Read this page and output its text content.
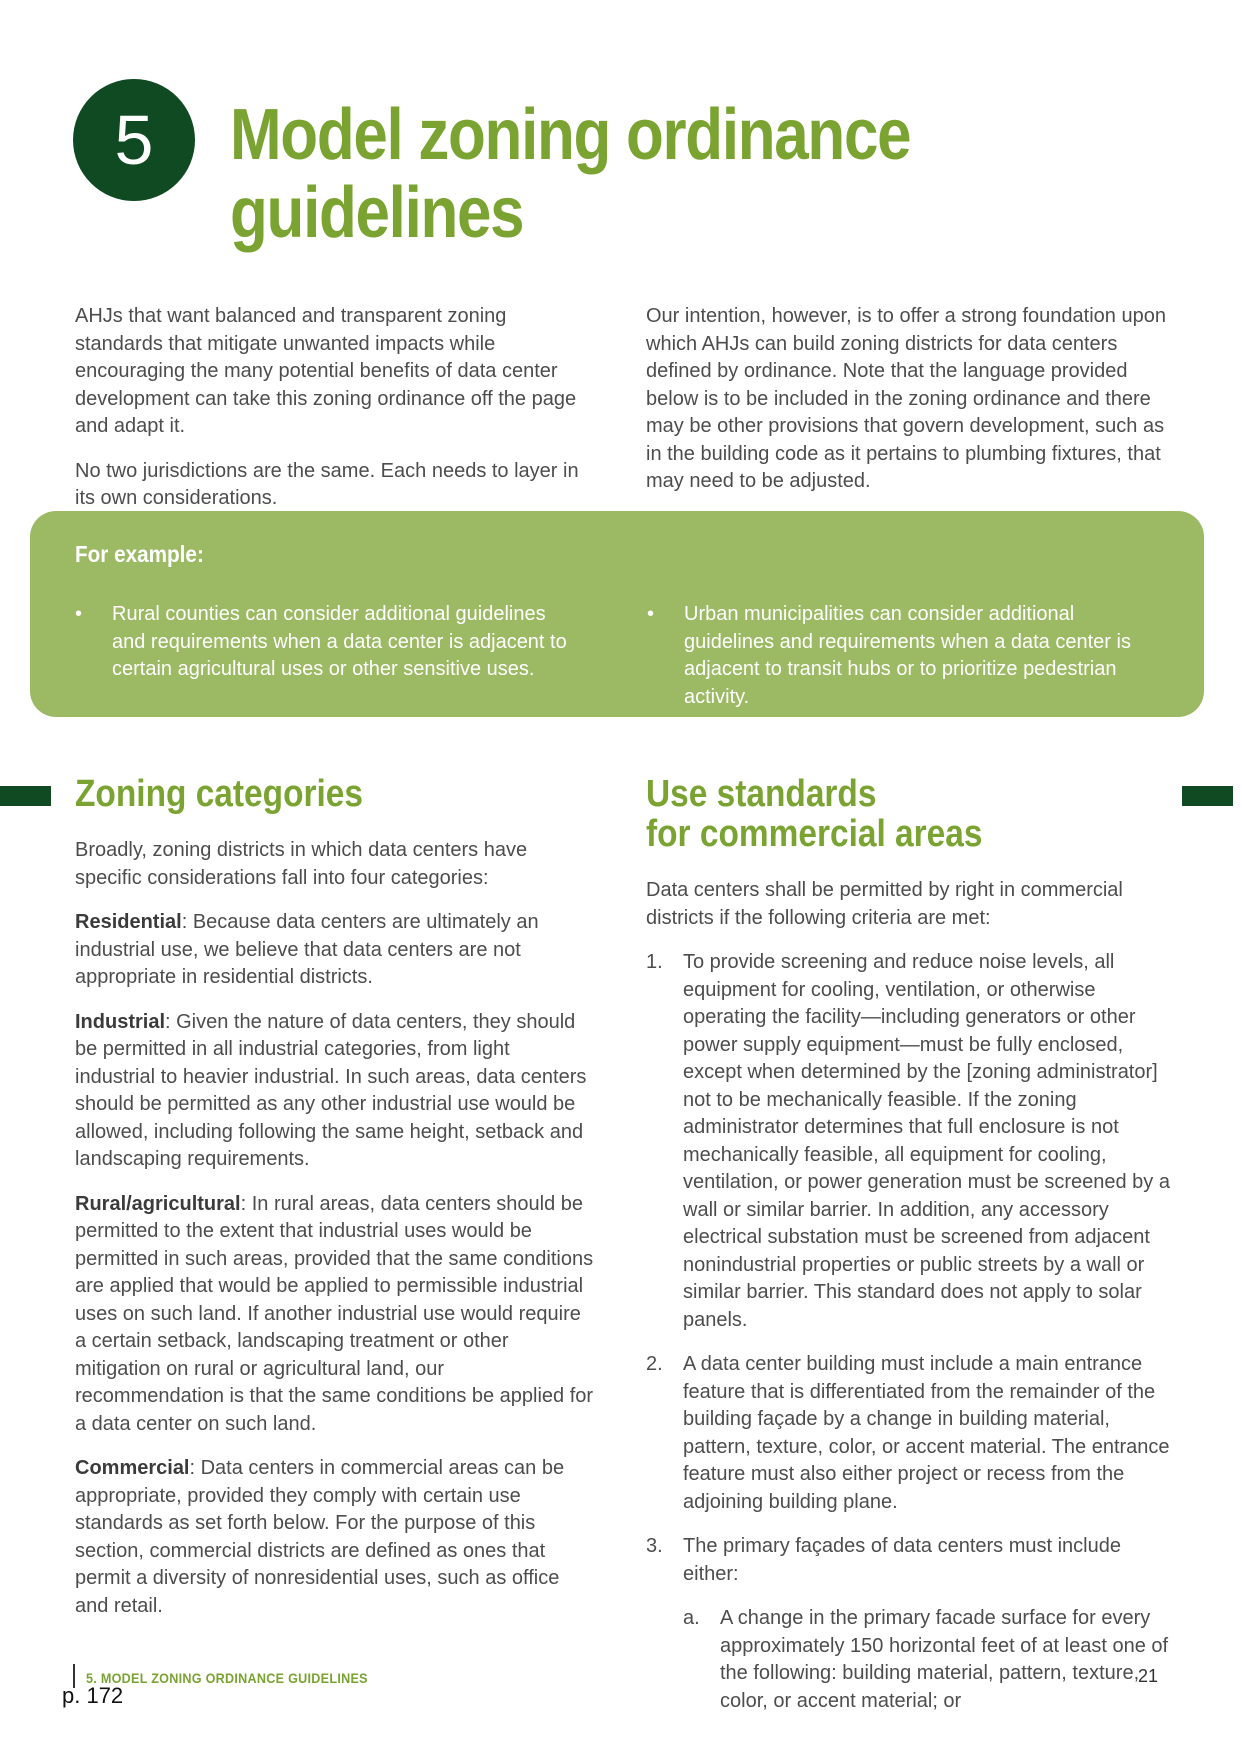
5 Model zoning ordinance
guidelines

AHJs that want balanced and transparent zoning standards that mitigate unwanted impacts while encouraging the many potential benefits of data center development can take this zoning ordinance off the page and adapt it.

No two jurisdictions are the same. Each needs to layer in its own considerations.

Our intention, however, is to offer a strong foundation upon which AHJs can build zoning districts for data centers defined by ordinance. Note that the language provided below is to be included in the zoning ordinance and there may be other provisions that govern development, such as in the building code as it pertains to plumbing fixtures, that may need to be adjusted.

For example:
• Rural counties can consider additional guidelines and requirements when a data center is adjacent to certain agricultural uses or other sensitive uses.
• Urban municipalities can consider additional guidelines and requirements when a data center is adjacent to transit hubs or to prioritize pedestrian activity.
Zoning categories

Broadly, zoning districts in which data centers have specific considerations fall into four categories:

Residential: Because data centers are ultimately an industrial use, we believe that data centers are not appropriate in residential districts.

Industrial: Given the nature of data centers, they should be permitted in all industrial categories, from light industrial to heavier industrial. In such areas, data centers should be permitted as any other industrial use would be allowed, including following the same height, setback and landscaping requirements.

Rural/agricultural: In rural areas, data centers should be permitted to the extent that industrial uses would be permitted in such areas, provided that the same conditions are applied that would be applied to permissible industrial uses on such land. If another industrial use would require a certain setback, landscaping treatment or other mitigation on rural or agricultural land, our recommendation is that the same conditions be applied for a data center on such land.

Commercial: Data centers in commercial areas can be appropriate, provided they comply with certain use standards as set forth below. For the purpose of this section, commercial districts are defined as ones that permit a diversity of nonresidential uses, such as office and retail.

Use standards
for commercial areas

Data centers shall be permitted by right in commercial districts if the following criteria are met:

1. To provide screening and reduce noise levels, all equipment for cooling, ventilation, or otherwise operating the facility—including generators or other power supply equipment—must be fully enclosed, except when determined by the [zoning administrator] not to be mechanically feasible. If the zoning administrator determines that full enclosure is not mechanically feasible, all equipment for cooling, ventilation, or power generation must be screened by a wall or similar barrier. In addition, any accessory electrical substation must be screened from adjacent nonindustrial properties or public streets by a wall or similar barrier. This standard does not apply to solar panels.
2. A data center building must include a main entrance feature that is differentiated from the remainder of the building façade by a change in building material, pattern, texture, color, or accent material. The entrance feature must also either project or recess from the adjoining building plane.
3. The primary façades of data centers must include either:
a. A change in the primary facade surface for every approximately 150 horizontal feet of at least one of the following: building material, pattern, texture, color, or accent material; or
5. MODEL ZONING ORDINANCE GUIDELINES	21
p. 172
